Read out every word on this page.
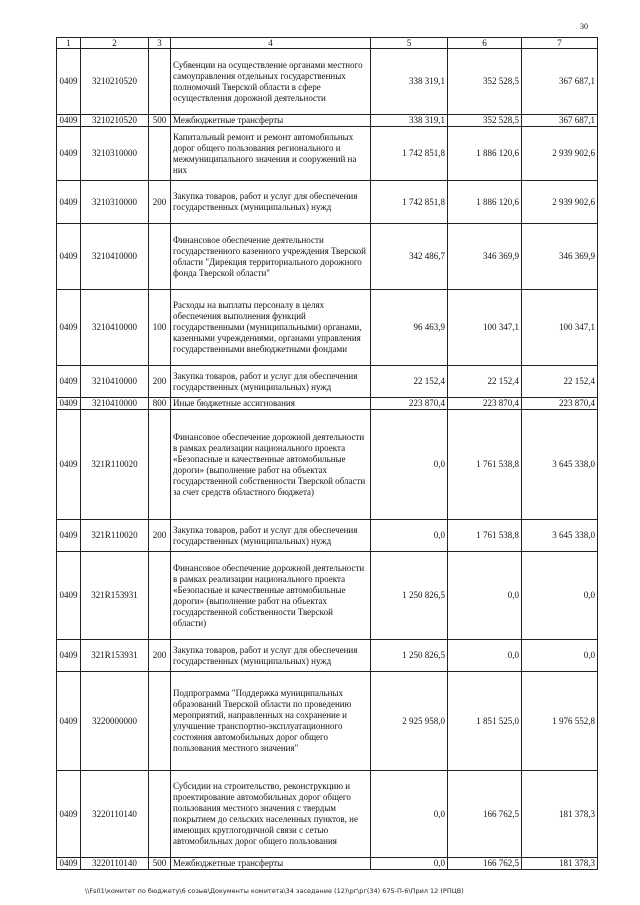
30
1	2	3	4	5	6	7
0409	3210210520		Субвенции на осуществление органами местного самоуправления отдельных государственных полномочий Тверской области в сфере осуществления дорожной деятельности	338 319,1	352 528,5	367 687,1
0409	3210210520	500	Межбюджетные трансферты	338 319,1	352 528,5	367 687,1
0409	3210310000		Капитальный ремонт и ремонт автомобильных дорог общего пользования регионального и межмуниципального значения и сооружений на них	1 742 851,8	1 886 120,6	2 939 902,6
0409	3210310000	200	Закупка товаров, работ и услуг для обеспечения государственных (муниципальных) нужд	1 742 851,8	1 886 120,6	2 939 902,6
0409	3210410000		Финансовое обеспечение деятельности государственного казенного учреждения Тверской области "Дирекция территориального дорожного фонда Тверской области"	342 486,7	346 369,9	346 369,9
0409	3210410000	100	Расходы на выплаты персоналу в целях обеспечения выполнения функций государственными (муниципальными) органами, казенными учреждениями, органами управления государственными внебюджетными фондами	96 463,9	100 347,1	100 347,1
0409	3210410000	200	Закупка товаров, работ и услуг для обеспечения государственных (муниципальных) нужд	22 152,4	22 152,4	22 152,4
0409	3210410000	800	Иные бюджетные ассигнования	223 870,4	223 870,4	223 870,4
0409	321R110020		Финансовое обеспечение дорожной деятельности в рамках реализации национального проекта «Безопасные и качественные автомобильные дороги» (выполнение работ на объектах государственной собственности Тверской области за счет средств областного бюджета)	0,0	1 761 538,8	3 645 338,0
0409	321R110020	200	Закупка товаров, работ и услуг для обеспечения государственных (муниципальных) нужд	0,0	1 761 538,8	3 645 338,0
0409	321R153931		Финансовое обеспечение дорожной деятельности в рамках реализации национального проекта «Безопасные и качественные автомобильные дороги» (выполнение работ на объектах государственной собственности Тверской области)	1 250 826,5	0,0	0,0
0409	321R153931	200	Закупка товаров, работ и услуг для обеспечения государственных (муниципальных) нужд	1 250 826,5	0,0	0,0
0409	3220000000		Подпрограмма "Поддержка муниципальных образований Тверской области по проведению мероприятий, направленных на сохранение и улучшение транспортно-эксплуатационного состояния автомобильных дорог общего пользования местного значения"	2 925 958,0	1 851 525,0	1 976 552,8
0409	3220110140		Субсидии на строительство, реконструкцию и проектирование автомобильных дорог общего пользования местного значения с твердым покрытием до сельских населенных пунктов, не имеющих круглогодичной связи с сетью автомобильных дорог общего пользования	0,0	166 762,5	181 378,3
0409	3220110140	500	Межбюджетные трансферты	0,0	166 762,5	181 378,3
\\Fs01\комитет по бюджету\6 созыв\Документы комитета\34 заседание (12)\рг\рг(34) 675-П-6\Прил 12 (РПЦВ)
